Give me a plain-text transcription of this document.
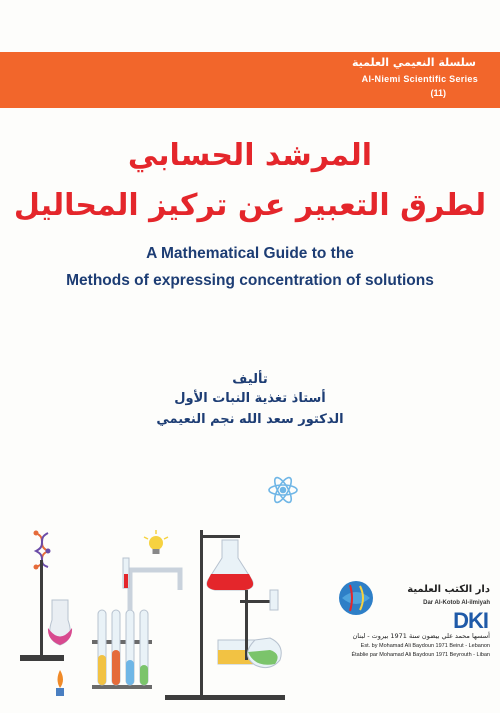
سلسلة النعيمي العلمية
Al-Niemi Scientific Series
(11)
المرشد الحسابي
لطرق التعبير عن تركيز المحاليل
A Mathematical Guide to the
Methods of expressing concentration of solutions
تأليف
أستاذ تغذية النبات الأول
الدكتور سعد الله نجم النعيمي
دار الكتب العلمية
Dar Al-Kotob Al-ilmiyah
DKI
أسسها محمد علي بيضون سنة 1971 بيروت - لبنان
Est. by Mohamad Ali Baydoun 1971 Beirut - Lebanon
Établie par Mohamad Ali Baydoun 1971 Beyrouth - Liban
